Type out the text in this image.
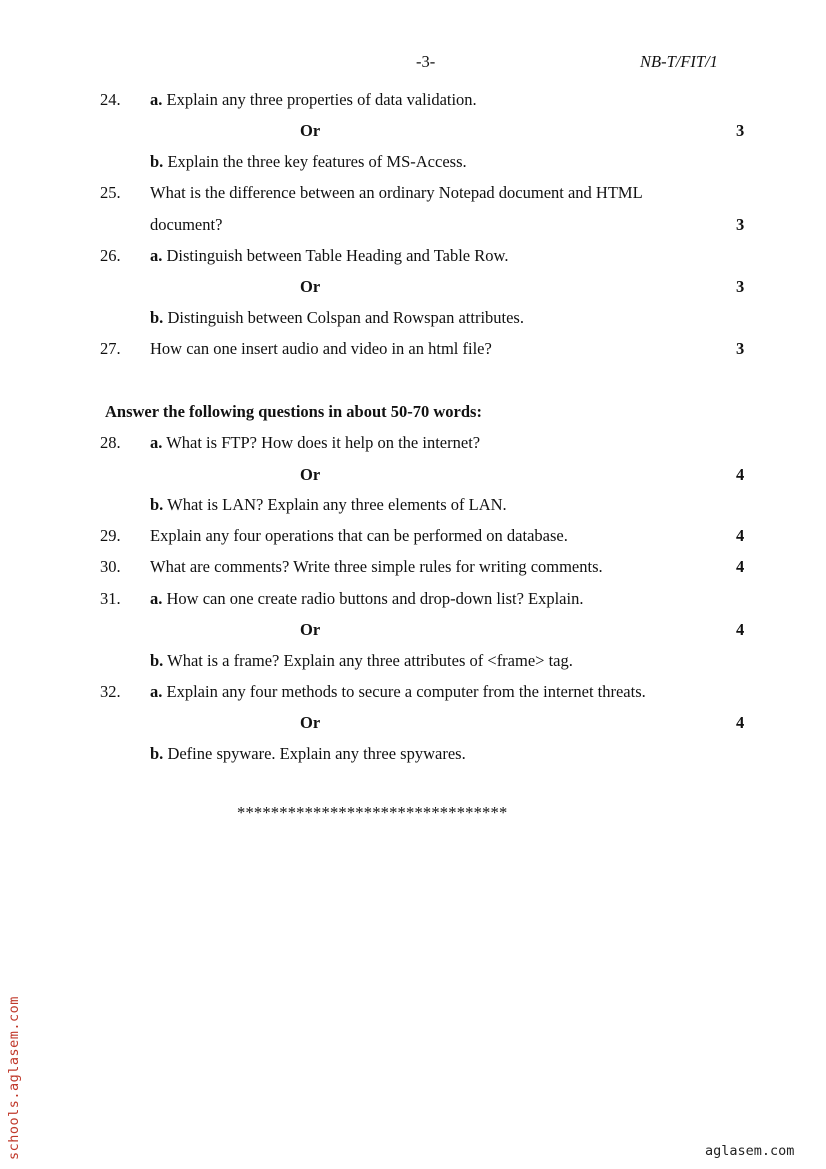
-3-	NB-T/FIT/1
24. a. Explain any three properties of data validation.
Or	3
b. Explain the three key features of MS-Access.
25. What is the difference between an ordinary Notepad document and HTML
document?	3
26. a. Distinguish between Table Heading and Table Row.
Or	3
b. Distinguish between Colspan and Rowspan attributes.
27. How can one insert audio and video in an html file?	3
Answer the following questions in about 50-70 words:
28. a. What is FTP? How does it help on the internet?
Or	4
b. What is LAN? Explain any three elements of LAN.
29. Explain any four operations that can be performed on database.	4
30. What are comments? Write three simple rules for writing comments.	4
31. a. How can one create radio buttons and drop-down list? Explain.
Or	4
b. What is a frame? Explain any three attributes of <frame> tag.
32. a. Explain any four methods to secure a computer from the internet threats.
Or	4
b. Define spyware. Explain any three spywares.
********************************
schools.aglasem.com	aglasem.com
